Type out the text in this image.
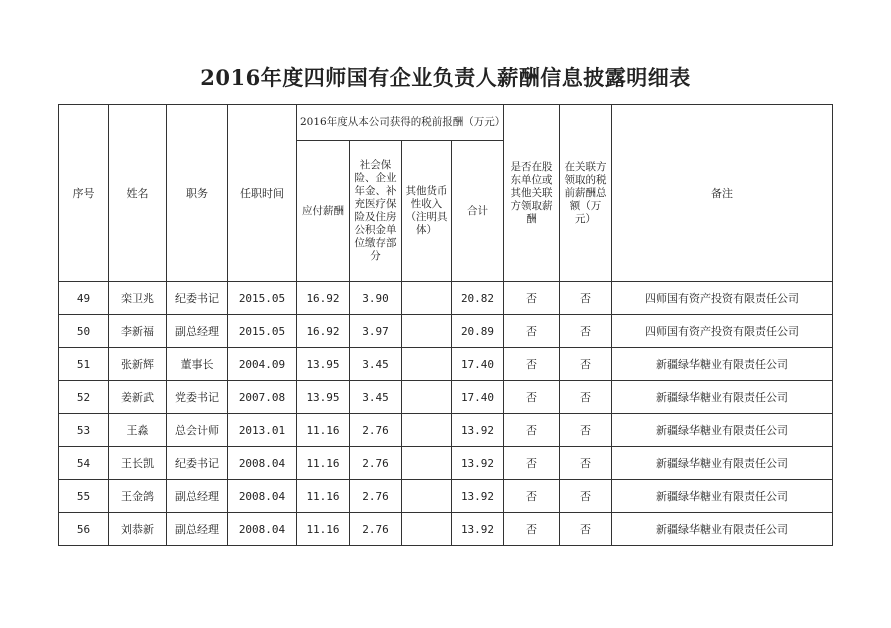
2016年度四师国有企业负责人薪酬信息披露明细表
序号	姓名	职务	任职时间	2016年度从本公司获得的税前报酬（万元）				是否在股东单位或其他关联方领取薪酬	在关联方领取的税前薪酬总额（万元）	备注
				应付薪酬	社会保险、企业年金、补充医疗保险及住房公积金单位缴存部分	其他货币性收入（注明具体）	合计			
49	栾卫兆	纪委书记	2015.05	16.92	3.90		20.82	否	否	四师国有资产投资有限责任公司
50	李新福	副总经理	2015.05	16.92	3.97		20.89	否	否	四师国有资产投资有限责任公司
51	张新辉	董事长	2004.09	13.95	3.45		17.40	否	否	新疆绿华糖业有限责任公司
52	姜新武	党委书记	2007.08	13.95	3.45		17.40	否	否	新疆绿华糖业有限责任公司
53	王淼	总会计师	2013.01	11.16	2.76		13.92	否	否	新疆绿华糖业有限责任公司
54	王长凯	纪委书记	2008.04	11.16	2.76		13.92	否	否	新疆绿华糖业有限责任公司
55	王金鸽	副总经理	2008.04	11.16	2.76		13.92	否	否	新疆绿华糖业有限责任公司
56	刘恭新	副总经理	2008.04	11.16	2.76		13.92	否	否	新疆绿华糖业有限责任公司
